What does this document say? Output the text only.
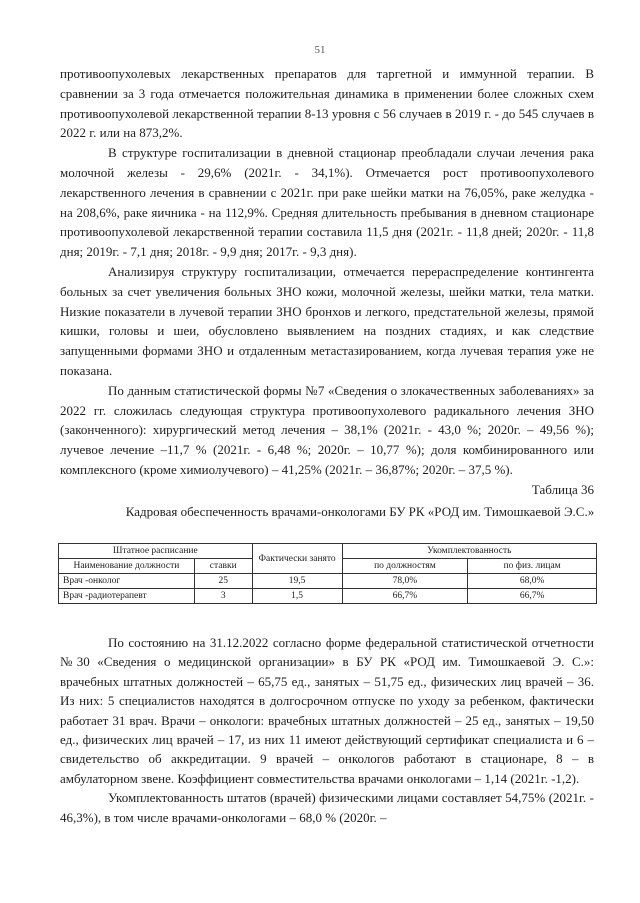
51

противоопухолевых лекарственных препаратов для таргетной и иммунной терапии. В сравнении за 3 года отмечается положительная динамика в применении более сложных схем противоопухолевой лекарственной терапии 8-13 уровня с 56 случаев в 2019 г. - до 545 случаев в 2022 г. или на 873,2%.

В структуре госпитализации в дневной стационар преобладали случаи лечения рака молочной железы - 29,6% (2021г. - 34,1%). Отмечается рост противоопухолевого лекарственного лечения в сравнении с 2021г. при раке шейки матки на 76,05%, раке желудка - на 208,6%, раке яичника - на 112,9%. Средняя длительность пребывания в дневном стационаре противоопухолевой лекарственной терапии составила 11,5 дня (2021г. - 11,8 дней; 2020г. - 11,8 дня; 2019г. - 7,1 дня; 2018г. - 9,9 дня; 2017г. - 9,3 дня).

Анализируя структуру госпитализации, отмечается перераспределение контингента больных за счет увеличения больных ЗНО кожи, молочной железы, шейки матки, тела матки. Низкие показатели в лучевой терапии ЗНО бронхов и легкого, предстательной железы, прямой кишки, головы и шеи, обусловлено выявлением на поздних стадиях, и как следствие запущенными формами ЗНО и отдаленным метастазированием, когда лучевая терапия уже не показана.

По данным статистической формы №7 «Сведения о злокачественных заболеваниях» за 2022 гг. сложилась следующая структура противоопухолевого радикального лечения ЗНО (законченного): хирургический метод лечения – 38,1% (2021г. - 43,0 %; 2020г. – 49,56 %); лучевое лечение –11,7 % (2021г. - 6,48 %; 2020г. – 10,77 %); доля комбинированного или комплексного (кроме химиолучевого) – 41,25% (2021г. – 36,87%; 2020г. – 37,5 %).

Таблица 36
Кадровая обеспеченность врачами-онкологами БУ РК «РОД им. Тимошкаевой Э.С.»
Штатное расписание		Фактически занято	Укомплектованность	
Наименование должности	ставки		по должностям	по физ. лицам
Врач -онколог	25	19,5	78,0%	68,0%
Врач -радиотерапевт	3	1,5	66,7%	66,7%

По состоянию на 31.12.2022 согласно форме федеральной статистической отчетности №30 «Сведения о медицинской организации» в БУ РК «РОД им. Тимошкаевой Э. С.»: врачебных штатных должностей – 65,75 ед., занятых – 51,75 ед., физических лиц врачей – 36. Из них: 5 специалистов находятся в долгосрочном отпуске по уходу за ребенком, фактически работает 31 врач. Врачи – онкологи: врачебных штатных должностей – 25 ед., занятых – 19,50 ед., физических лиц врачей – 17, из них 11 имеют действующий сертификат специалиста и 6 – свидетельство об аккредитации. 9 врачей – онкологов работают в стационаре, 8 – в амбулаторном звене. Коэффициент совместительства врачами онкологами – 1,14 (2021г. -1,2).

Укомплектованность штатов (врачей) физическими лицами составляет 54,75% (2021г. - 46,3%), в том числе врачами-онкологами – 68,0 % (2020г. –
